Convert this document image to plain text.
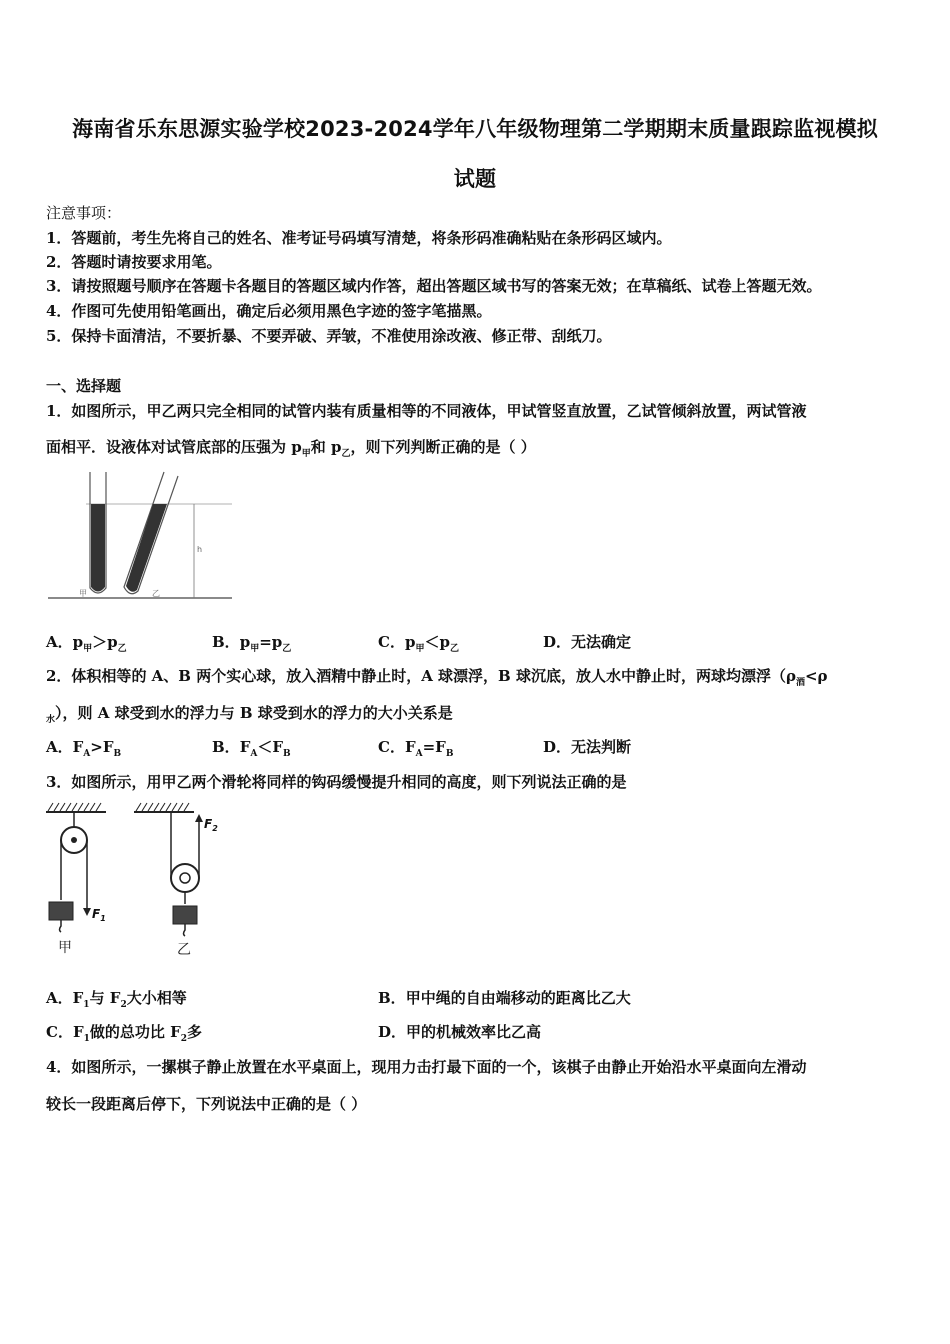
海南省乐东思源实验学校2023-2024学年八年级物理第二学期期末质量跟踪监视模拟
试题
注意事项：
1．答题前，考生先将自己的姓名、准考证号码填写清楚，将条形码准确粘贴在条形码区域内。
2．答题时请按要求用笔。
3．请按照题号顺序在答题卡各题目的答题区域内作答，超出答题区域书写的答案无效；在草稿纸、试卷上答题无效。
4．作图可先使用铅笔画出，确定后必须用黑色字迹的签字笔描黑。
5．保持卡面清洁，不要折暴、不要弄破、弄皱，不准使用涂改液、修正带、刮纸刀。
一、选择题
1．如图所示，甲乙两只完全相同的试管内装有质量相等的不同液体，甲试管竖直放置，乙试管倾斜放置，两试管液
面相平．设液体对试管底部的压强为 $p_甲$和 $p_乙$，则下列判断正确的是（ ）
h
甲	乙
A．$p_甲>p_乙$	B．$p_甲=p_乙$	C．$p_甲<p_乙$	D．无法确定
2．体积相等的 A、B 两个实心球，放入酒精中静止时，A 球漂浮，B 球沉底，放人水中静止时，两球均漂浮（$\rho_酒<\rho$
$_水$），则 A 球受到水的浮力与 B 球受到水的浮力的大小关系是
A．$F_A>F_B$	B．$F_A<F_B$	C．$F_A=F_B$	D．无法判断
3．如图所示，用甲乙两个滑轮将同样的钩码缓慢提升相同的高度，则下列说法正确的是
$F_1$
甲
$F_2$
乙
A．$F_1$与 $F_2$大小相等	B．甲中绳的自由端移动的距离比乙大
C．$F_1$做的总功比 $F_2$多	D．甲的机械效率比乙高
4．如图所示，一摞棋子静止放置在水平桌面上，现用力击打最下面的一个，该棋子由静止开始沿水平桌面向左滑动
较长一段距离后停下，下列说法中正确的是（ ）
